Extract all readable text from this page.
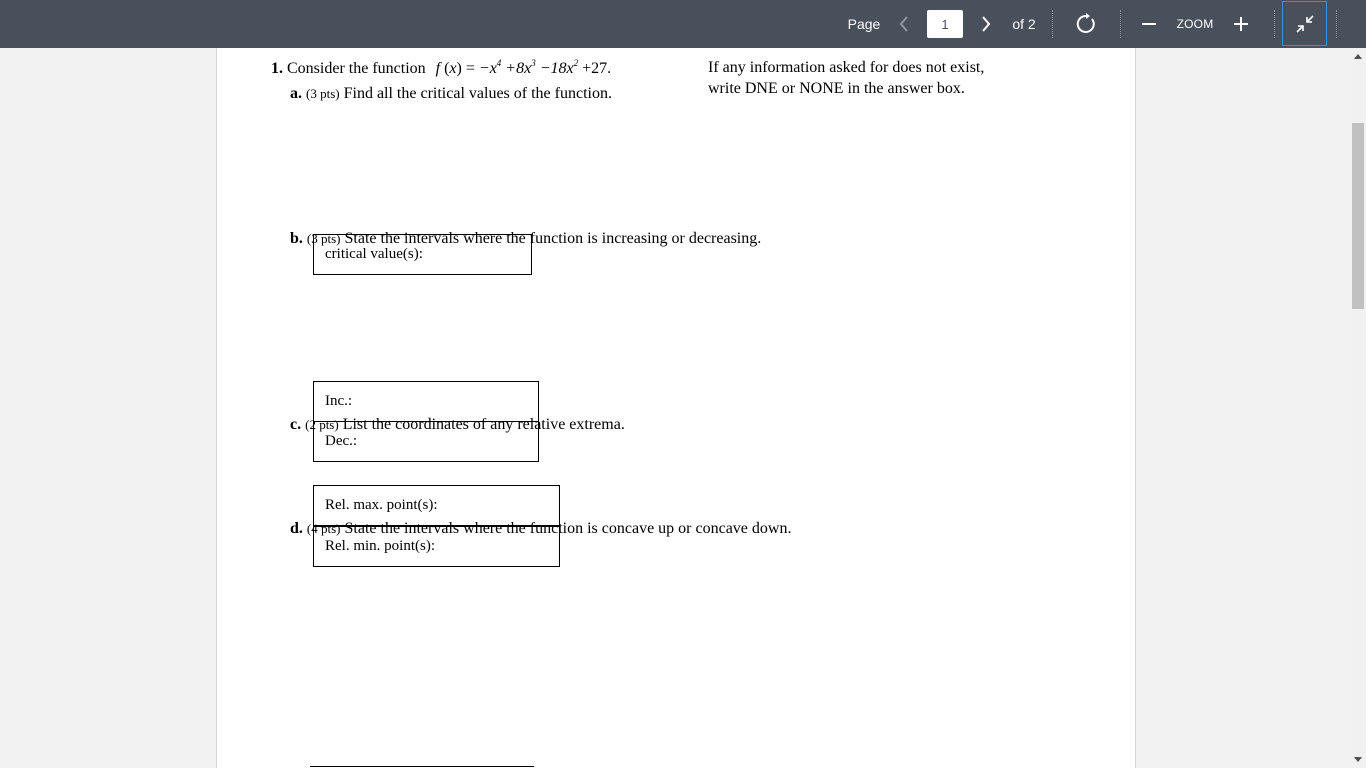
Page
1	of 2	ZOOM
1. Consider the function f $(x) = -x^4 +8x^3 -18x^2 +27$.	If any information asked for does not exist,
write DNE or NONE in the answer box.
a. (3 pts) Find all the critical values of the function.
critical value(s):
b. (3 pts) State the intervals where the function is increasing or decreasing.
Inc.:
Dec.:
c. (2 pts) List the coordinates of any relative extrema.
Rel. max. point(s):
Rel. min. point(s):
d. (4 pts) State the intervals where the function is concave up or concave down.
